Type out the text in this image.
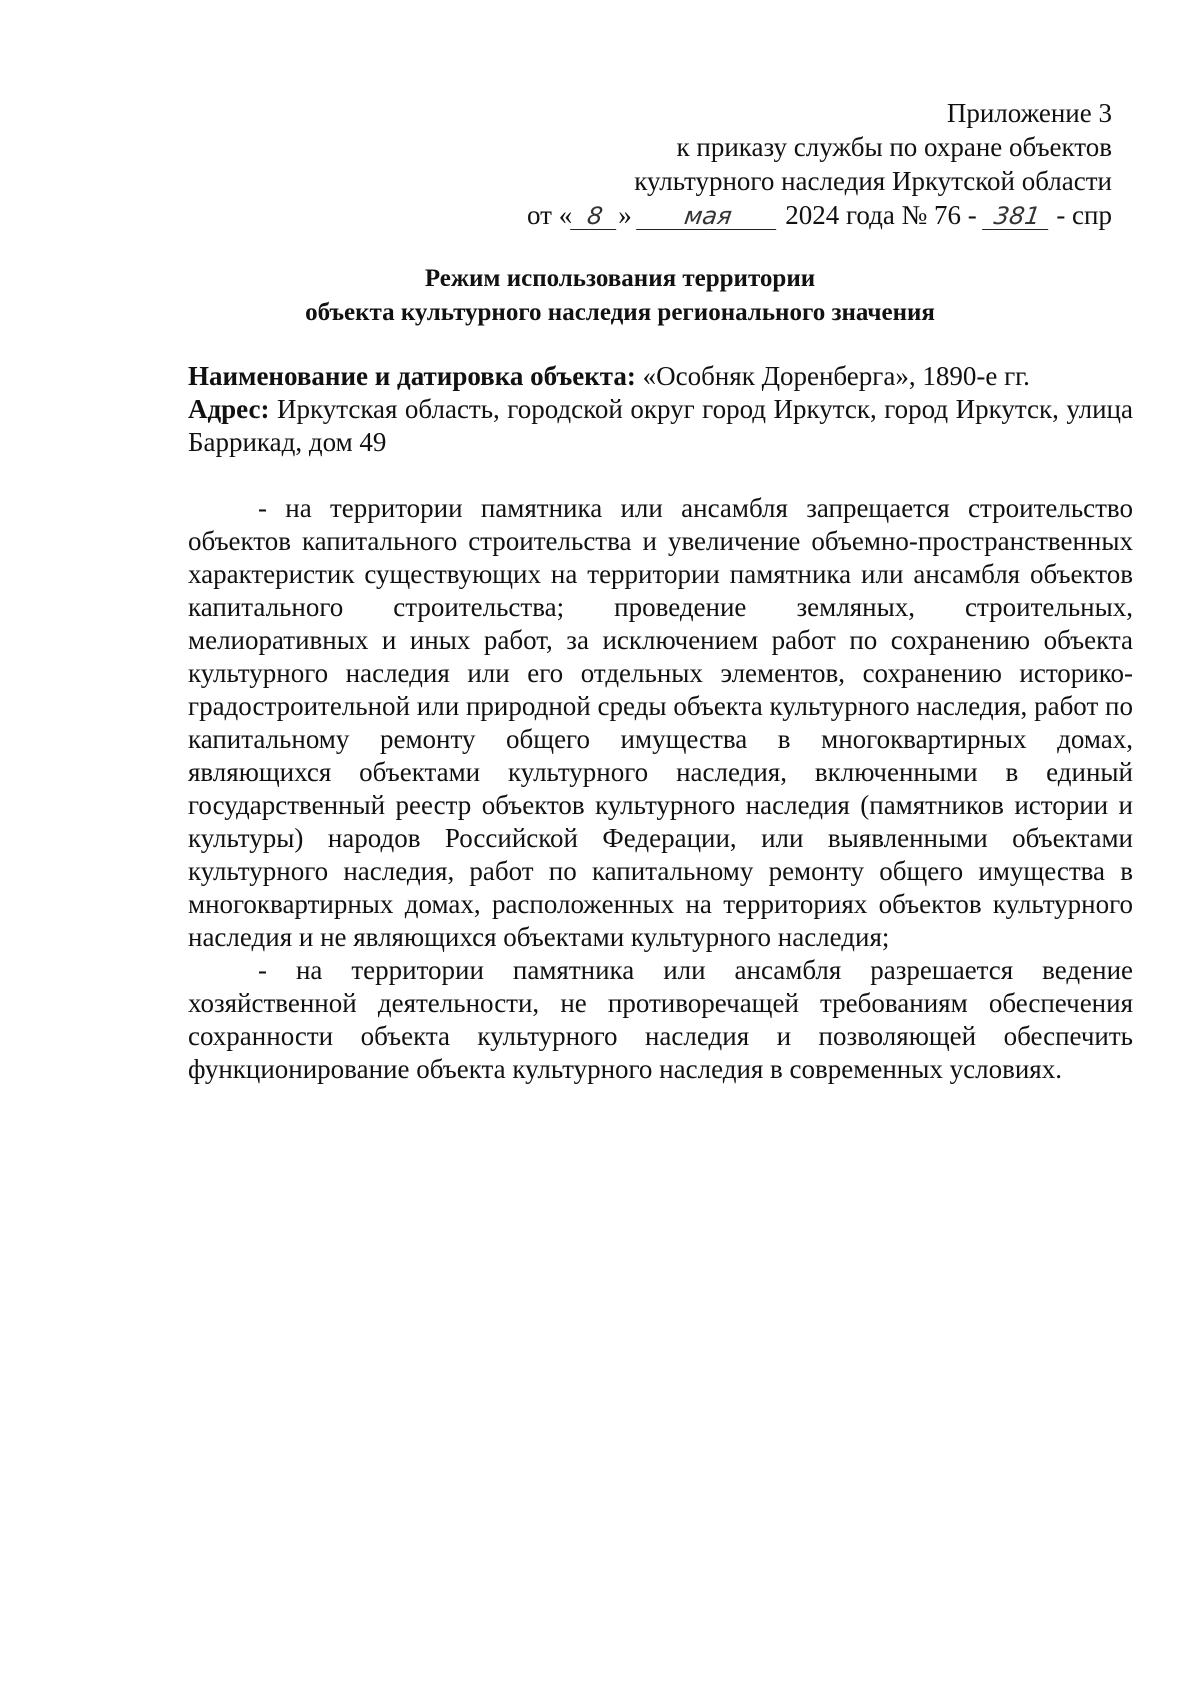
Приложение 3
к приказу службы по охране объектов
культурного наследия Иркутской области
от « 8 » мая 2024 года № 76 - 381 - спр
Режим использования территории
объекта культурного наследия регионального значения

Наименование и датировка объекта: «Особняк Доренберга», 1890-е гг.

Адрес: Иркутская область, городской округ город Иркутск, город Иркутск, улица Баррикад, дом 49

- на территории памятника или ансамбля запрещается строительство объектов капитального строительства и увеличение объемно-пространственных характеристик существующих на территории памятника или ансамбля объектов капитального строительства; проведение земляных, строительных, мелиоративных и иных работ, за исключением работ по сохранению объекта культурного наследия или его отдельных элементов, сохранению историко-градостроительной или природной среды объекта культурного наследия, работ по капитальному ремонту общего имущества в многоквартирных домах, являющихся объектами культурного наследия, включенными в единый государственный реестр объектов культурного наследия (памятников истории и культуры) народов Российской Федерации, или выявленными объектами культурного наследия, работ по капитальному ремонту общего имущества в многоквартирных домах, расположенных на территориях объектов культурного наследия и не являющихся объектами культурного наследия;

- на территории памятника или ансамбля разрешается ведение хозяйственной деятельности, не противоречащей требованиям обеспечения сохранности объекта культурного наследия и позволяющей обеспечить функционирование объекта культурного наследия в современных условиях.
